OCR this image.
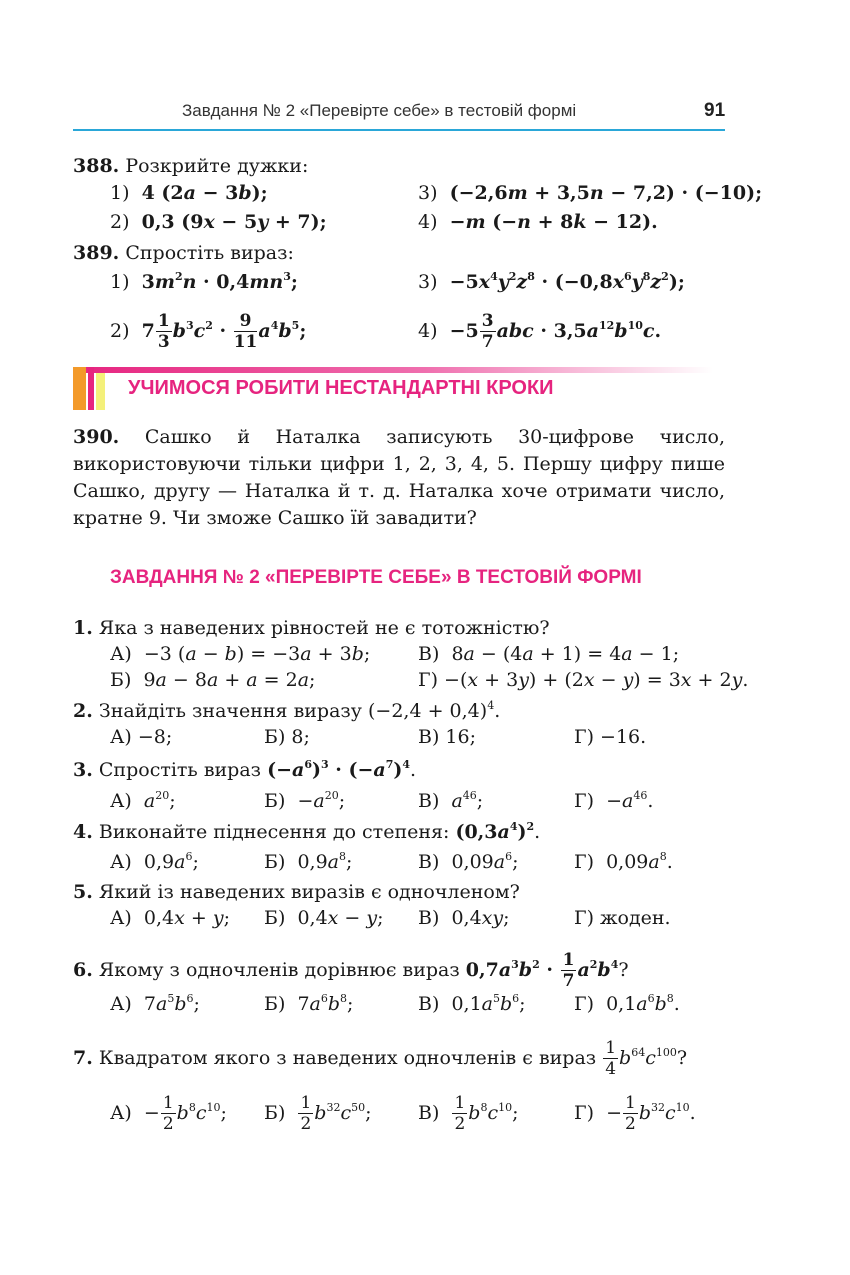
Завдання № 2 «Перевірте себе» в тестовій формі	91
388. Розкрийте дужки:
1)  4 (2a − 3b);	3)  (−2,6m + 3,5n − 7,2) · (−10);
2)  0,3 (9x − 5y + 7);	4)  −m (−n + 8k − 12).
389. Спростіть вираз:
1)  $3m^2n \cdot 0,4mn^3$;	$3) -5x^4y^2z^8 \cdot (-0,8x^6y^8z^2)$;
2)  $7 \frac{1}{3} b^3c^2 \cdot \frac{9}{11} a^4b^5$;	$4) -5 \frac{3}{7}$ abc · $3,5a^{12}b^{10}c$.
УЧИМОСЯ РОБИТИ НЕСТАНДАРТНІ КРОКИ
390. Сашко й Наталка записують 30-цифрове число, використовуючи тільки цифри 1, 2, 3, 4, 5. Першу цифру пише Сашко, другу — Наталка й т. д. Наталка хоче отримати число, кратне 9. Чи зможе Сашко їй завадити?
ЗАВДАННЯ № 2 «ПЕРЕВІРТЕ СЕБЕ» В ТЕСТОВІЙ ФОРМІ
1. Яка з наведених рівностей не є тотожністю?
А)  −3 (a − b) = −3a + 3b;	В)  8a − (4a + 1) = 4a − 1;
Б)  9a − 8a + a = 2a;	Г) −(x + 3y) + (2x − y) = 3x + 2y.
2. Знайдіть значення виразу $(-2,4 + 0,4)^4$.
А) −8;	Б) 8;	В) 16;	Г) −16.
3. Спростіть вираз $(-a^6)^3 \cdot (-a^7)^4$.
А)  $a^{20}$;	$Б) -a^{20}$;	В)  $a^{46}$;	$Г) -a^{46}$.
4. Виконайте піднесення до степеня: $(0,3a^4)^2$.
А)  $0,9a^6$;	Б)  $0,9a^8$;	В)  $0,09a^6$;	Г)  $0,09a^8$.
5. Який із наведених виразів є одночленом?
А)  0,4x + y; Б)  0,4x − y; В)  0,4xy;	Г) жоден.
6. Якому з одночленів дорівнює вираз $0,7a^3b^2 \cdot \frac{1}{7} a^2b^4$?
А)  $7a^5b^6$;	Б)  $7a^6b^8$;	В)  $0,1a^5b^6$;	Г)  $0,1a^6b^8$.
7. Квадратом якого з наведених одночленів є вираз $\frac{1}{4} b^{64}c^{100}$?
$А) - \frac{1}{2} b^8c^{10}$; $Б) \frac{1}{2} b^{32}c^{50}$; $В) \frac{1}{2} b^8c^{10}$;	$Г) - \frac{1}{2} b^{32}c^{10}$.
